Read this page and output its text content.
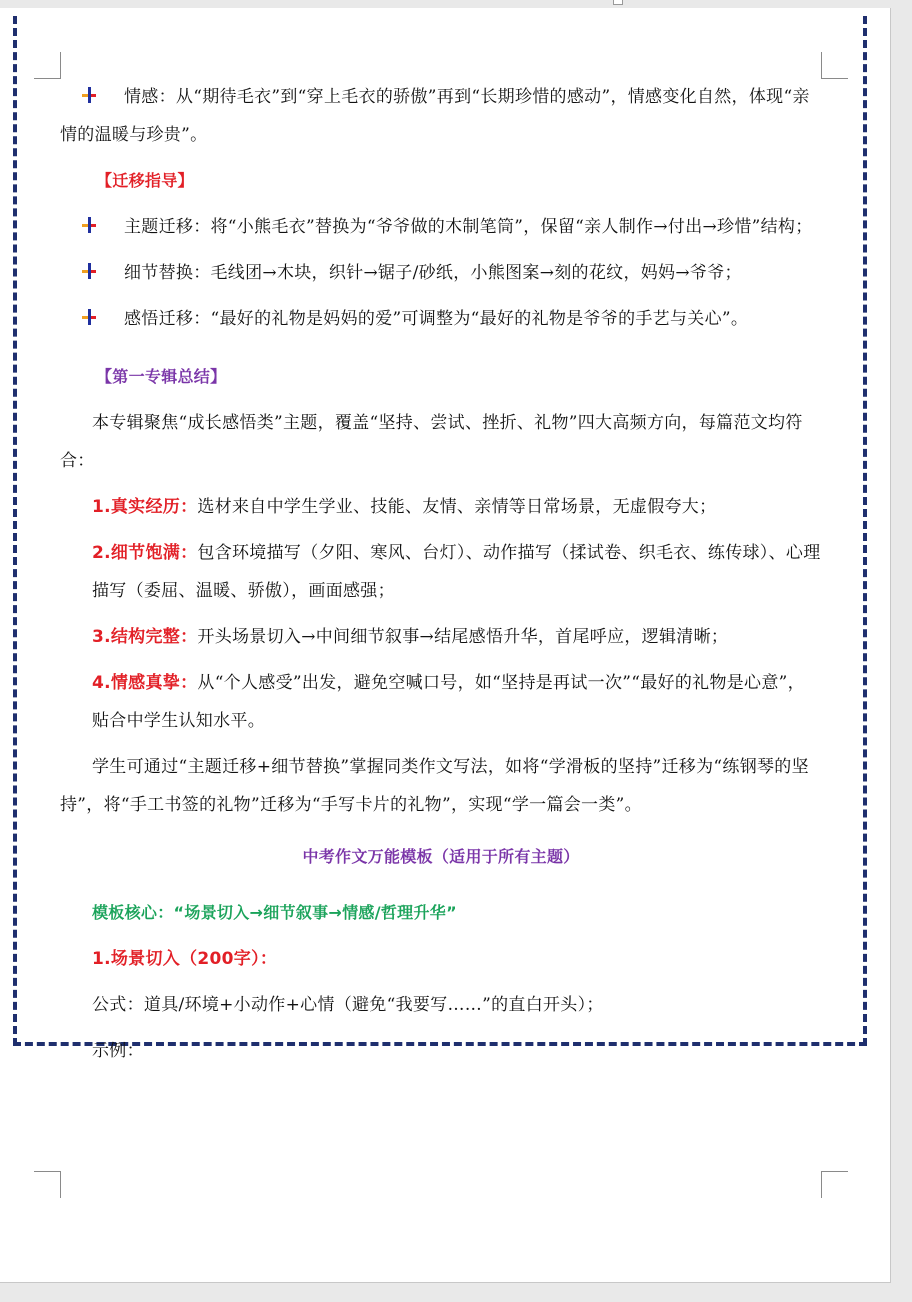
情感：从“期待毛衣”到“穿上毛衣的骄傲”再到“长期珍惜的感动”，情感变化自然，体现“亲情的温暖与珍贵”。

【迁移指导】

主题迁移：将“小熊毛衣”替换为“爷爷做的木制笔筒”，保留“亲人制作→付出→珍惜”结构；

细节替换：毛线团→木块，织针→锯子/砂纸，小熊图案→刻的花纹，妈妈→爷爷；

感悟迁移：“最好的礼物是妈妈的爱”可调整为“最好的礼物是爷爷的手艺与关心”。

【第一专辑总结】

本专辑聚焦“成长感悟类”主题，覆盖“坚持、尝试、挫折、礼物”四大高频方向，每篇范文均符合：

1.真实经历：选材来自中学生学业、技能、友情、亲情等日常场景，无虚假夸大；

2.细节饱满：包含环境描写（夕阳、寒风、台灯）、动作描写（揉试卷、织毛衣、练传球）、心理描写（委屈、温暖、骄傲），画面感强；

3.结构完整：开头场景切入→中间细节叙事→结尾感悟升华，首尾呼应，逻辑清晰；

4.情感真挚：从“个人感受”出发，避免空喊口号，如“坚持是再试一次”“最好的礼物是心意”，贴合中学生认知水平。

学生可通过“主题迁移+细节替换”掌握同类作文写法，如将“学滑板的坚持”迁移为“练钢琴的坚持”，将“手工书签的礼物”迁移为“手写卡片的礼物”，实现“学一篇会一类”。

中考作文万能模板（适用于所有主题）

模板核心：“场景切入→细节叙事→情感/哲理升华”

1.场景切入（200字）：

公式：道具/环境+小动作+心情（避免“我要写……”的直白开头）；

示例：
